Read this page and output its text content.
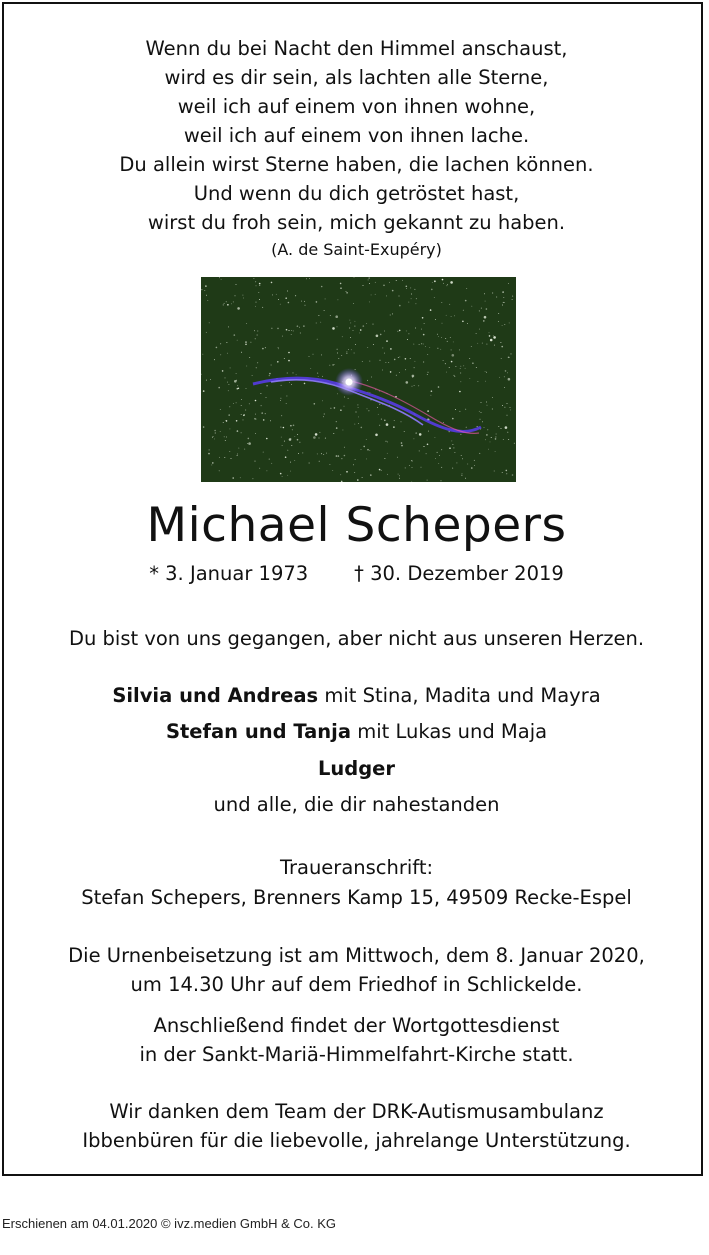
Wenn du bei Nacht den Himmel anschaust,
wird es dir sein, als lachten alle Sterne,
weil ich auf einem von ihnen wohne,
weil ich auf einem von ihnen lache.
Du allein wirst Sterne haben, die lachen können.
Und wenn du dich getröstet hast,
wirst du froh sein, mich gekannt zu haben.
(A. de Saint-Exupéry)
Michael Schepers
* 3. Januar 1973 † 30. Dezember 2019
Du bist von uns gegangen, aber nicht aus unseren Herzen.
Silvia und Andreas mit Stina, Madita und Mayra
Stefan und Tanja mit Lukas und Maja
Ludger
und alle, die dir nahestanden
Traueranschrift:
Stefan Schepers, Brenners Kamp 15, 49509 Recke-Espel
Die Urnenbeisetzung ist am Mittwoch, dem 8. Januar 2020,
um 14.30 Uhr auf dem Friedhof in Schlickelde.
Anschließend findet der Wortgottesdienst
in der Sankt-Mariä-Himmelfahrt-Kirche statt.
Wir danken dem Team der DRK-Autismusambulanz
Ibbenbüren für die liebevolle, jahrelange Unterstützung.
Erschienen am 04.01.2020 © ivz.medien GmbH & Co. KG
